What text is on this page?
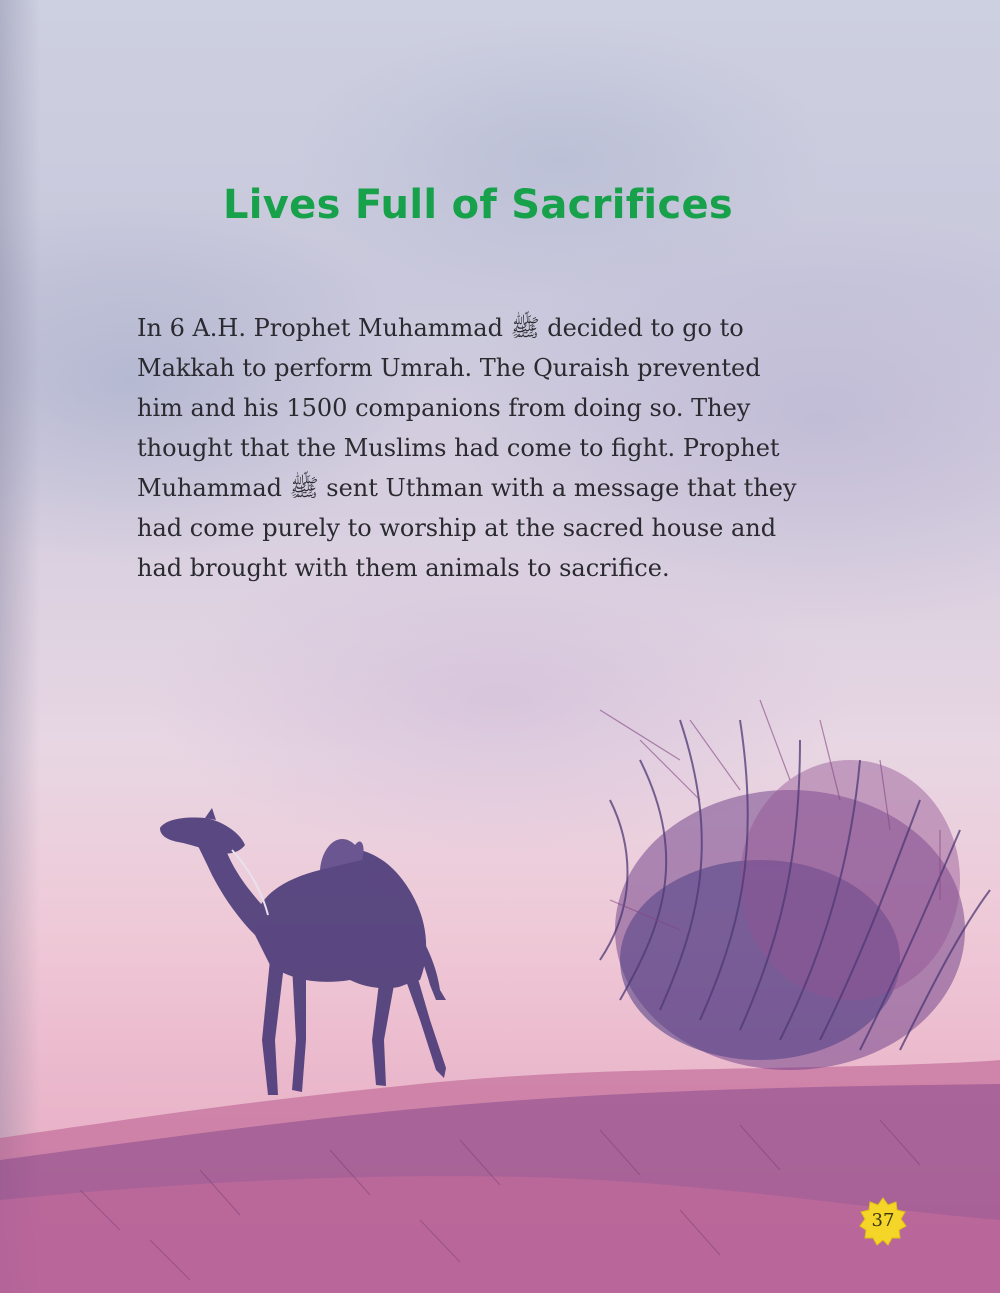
Lives Full of Sacrifices

In 6 A.H. Prophet Muhammad ﷺ decided to go to
Makkah to perform Umrah. The Quraish prevented
him and his 1500 companions from doing so. They
thought that the Muslims had come to fight. Prophet
Muhammad ﷺ sent Uthman with a message that they
had come purely to worship at the sacred house and
had brought with them animals to sacrifice.

37
